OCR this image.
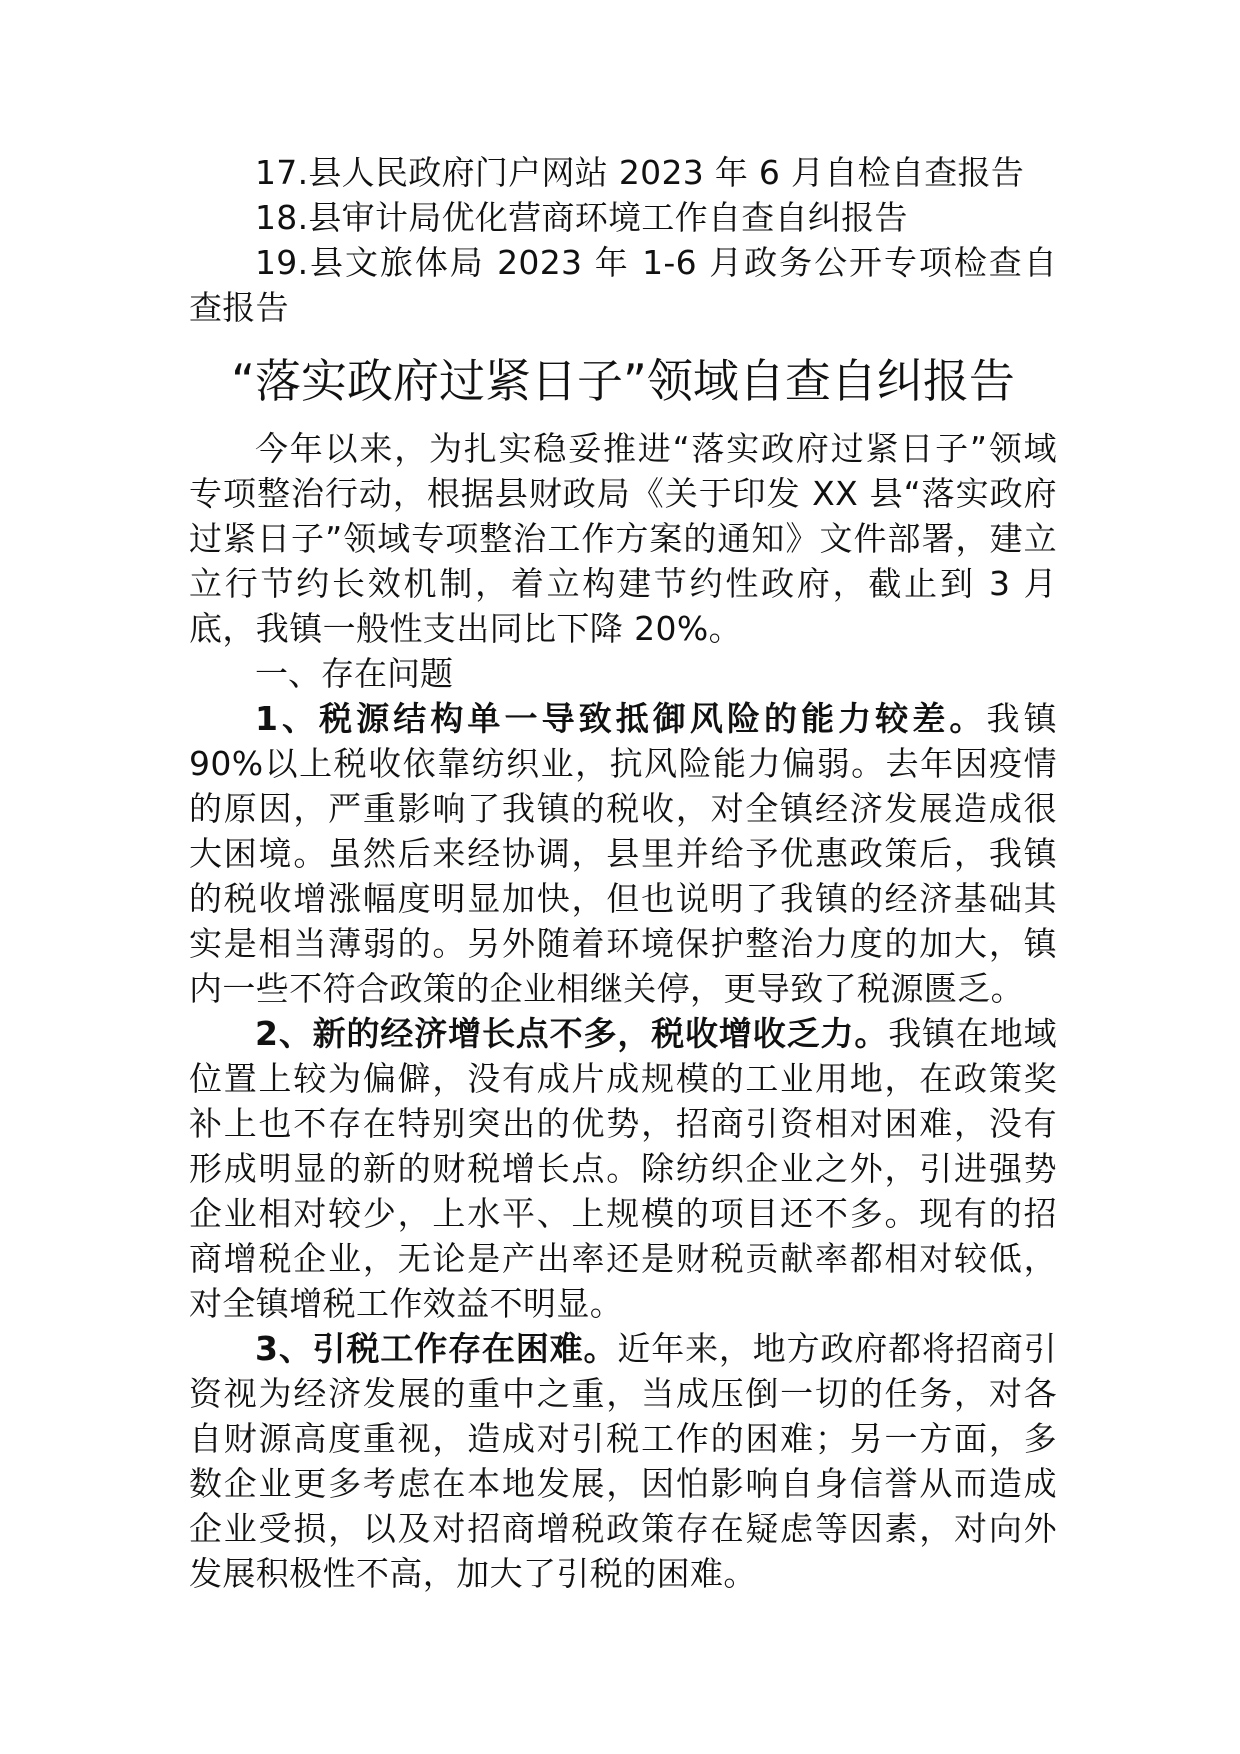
17.县人民政府门户网站 2023 年 6 月自检自查报告

18.县审计局优化营商环境工作自查自纠报告

19.县文旅体局 2023 年 1-6 月政务公开专项检查自查报告

“落实政府过紧日子”领域自查自纠报告

今年以来，为扎实稳妥推进“落实政府过紧日子”领域专项整治行动，根据县财政局《关于印发 XX 县“落实政府过紧日子”领域专项整治工作方案的通知》文件部署，建立立行节约长效机制，着立构建节约性政府，截止到 3 月底，我镇一般性支出同比下降 20%。

一、存在问题

1、税源结构单一导致抵御风险的能力较差。我镇 90%以上税收依靠纺织业，抗风险能力偏弱。去年因疫情的原因，严重影响了我镇的税收，对全镇经济发展造成很大困境。虽然后来经协调，县里并给予优惠政策后，我镇的税收增涨幅度明显加快，但也说明了我镇的经济基础其实是相当薄弱的。另外随着环境保护整治力度的加大，镇内一些不符合政策的企业相继关停，更导致了税源匮乏。

2、新的经济增长点不多，税收增收乏力。我镇在地域位置上较为偏僻，没有成片成规模的工业用地，在政策奖补上也不存在特别突出的优势，招商引资相对困难，没有形成明显的新的财税增长点。除纺织企业之外，引进强势企业相对较少，上水平、上规模的项目还不多。现有的招商增税企业，无论是产出率还是财税贡献率都相对较低，对全镇增税工作效益不明显。

3、引税工作存在困难。近年来，地方政府都将招商引资视为经济发展的重中之重，当成压倒一切的任务，对各自财源高度重视，造成对引税工作的困难；另一方面，多数企业更多考虑在本地发展，因怕影响自身信誉从而造成企业受损，以及对招商增税政策存在疑虑等因素，对向外发展积极性不高，加大了引税的困难。
